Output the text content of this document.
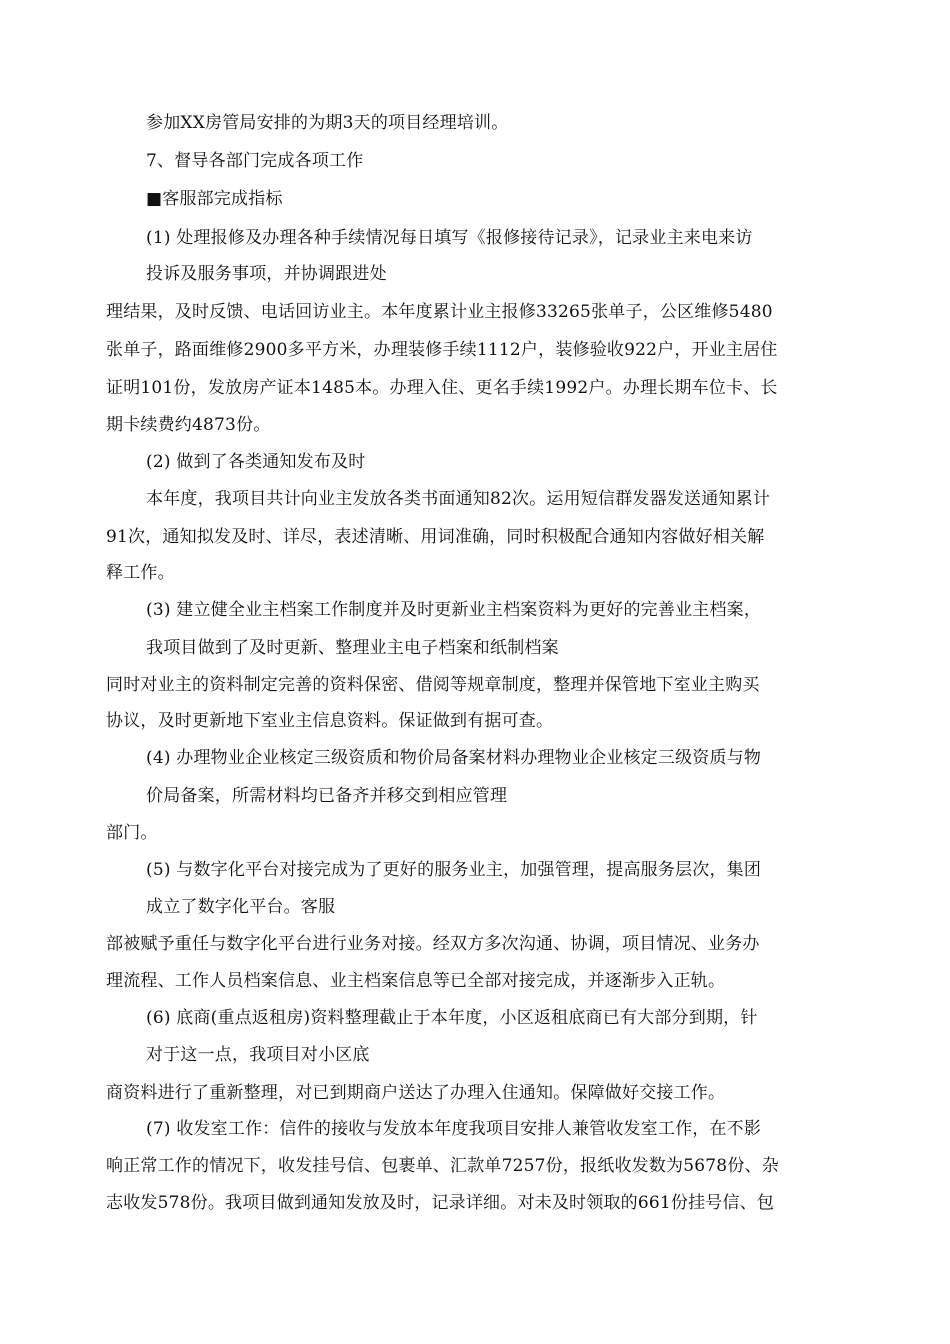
参加XX房管局安排的为期3天的项目经理培训。
7、督导各部门完成各项工作
■客服部完成指标
(1) 处理报修及办理各种手续情况每日填写《报修接待记录》，记录业主来电来访
投诉及服务事项，并协调跟进处
理结果，及时反馈、电话回访业主。本年度累计业主报修33265张单子，公区维修5480
张单子，路面维修2900多平方米，办理装修手续1112户，装修验收922户，开业主居住
证明101份，发放房产证本1485本。办理入住、更名手续1992户。办理长期车位卡、长
期卡续费约4873份。
(2) 做到了各类通知发布及时
本年度，我项目共计向业主发放各类书面通知82次。运用短信群发器发送通知累计
91次，通知拟发及时、详尽，表述清晰、用词准确，同时积极配合通知内容做好相关解
释工作。
(3) 建立健全业主档案工作制度并及时更新业主档案资料为更好的完善业主档案，
我项目做到了及时更新、整理业主电子档案和纸制档案
同时对业主的资料制定完善的资料保密、借阅等规章制度，整理并保管地下室业主购买
协议，及时更新地下室业主信息资料。保证做到有据可查。
(4) 办理物业企业核定三级资质和物价局备案材料办理物业企业核定三级资质与物
价局备案，所需材料均已备齐并移交到相应管理
部门。
(5) 与数字化平台对接完成为了更好的服务业主，加强管理，提高服务层次，集团
成立了数字化平台。客服
部被赋予重任与数字化平台进行业务对接。经双方多次沟通、协调，项目情况、业务办
理流程、工作人员档案信息、业主档案信息等已全部对接完成，并逐渐步入正轨。
(6) 底商(重点返租房)资料整理截止于本年度，小区返租底商已有大部分到期，针
对于这一点，我项目对小区底
商资料进行了重新整理，对已到期商户送达了办理入住通知。保障做好交接工作。
(7) 收发室工作：信件的接收与发放本年度我项目安排人兼管收发室工作，在不影
响正常工作的情况下，收发挂号信、包裹单、汇款单7257份，报纸收发数为5678份、杂
志收发578份。我项目做到通知发放及时，记录详细。对未及时领取的661份挂号信、包
